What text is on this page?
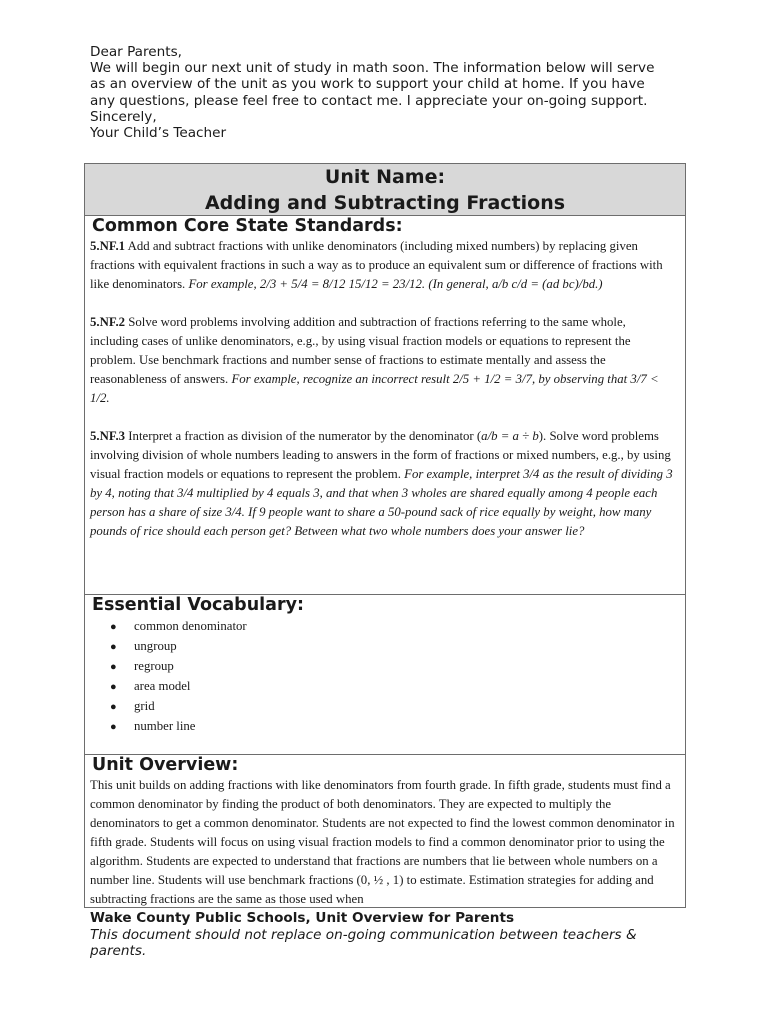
Dear Parents,
We will begin our next unit of study in math soon. The information below will serve
as an overview of the unit as you work to support your child at home. If you have
any questions, please feel free to contact me. I appreciate your on-going support.
Sincerely,
Your Child’s Teacher
Unit Name:
Adding and Subtracting Fractions
Common Core State Standards:

5.NF.1 Add and subtract fractions with unlike denominators (including mixed numbers) by replacing given fractions with equivalent fractions in such a way as to produce an equivalent sum or difference of fractions with like denominators. For example, 2/3 + 5/4 = 8/12 15/12 = 23/12. (In general, a/b c/d = (ad bc)/bd.)

5.NF.2 Solve word problems involving addition and subtraction of fractions referring to the same whole, including cases of unlike denominators, e.g., by using visual fraction models or equations to represent the problem. Use benchmark fractions and number sense of fractions to estimate mentally and assess the reasonableness of answers. For example, recognize an incorrect result 2/5 + 1/2 = 3/7, by observing that 3/7 < 1/2.

5.NF.3 Interpret a fraction as division of the numerator by the denominator (a/b = a ÷ b). Solve word problems involving division of whole numbers leading to answers in the form of fractions or mixed numbers, e.g., by using visual fraction models or equations to represent the problem. For example, interpret 3/4 as the result of dividing 3 by 4, noting that 3/4 multiplied by 4 equals 3, and that when 3 wholes are shared equally among 4 people each person has a share of size 3/4. If 9 people want to share a 50-pound sack of rice equally by weight, how many pounds of rice should each person get? Between what two whole numbers does your answer lie?

Essential Vocabulary:
● common denominator
● ungroup
● regroup
● area model
● grid
● number line
Unit Overview:

This unit builds on adding fractions with like denominators from fourth grade. In fifth grade, students must find a common denominator by finding the product of both denominators. They are expected to multiply the denominators to get a common denominator. Students are not expected to find the lowest common denominator in fifth grade. Students will focus on using visual fraction models to find a common denominator prior to using the algorithm. Students are expected to understand that fractions are numbers that lie between whole numbers on a number line. Students will use benchmark fractions (0, ½ , 1) to estimate. Estimation strategies for adding and subtracting fractions are the same as those used when

Wake County Public Schools, Unit Overview for Parents
This document should not replace on-going communication between teachers & parents.
